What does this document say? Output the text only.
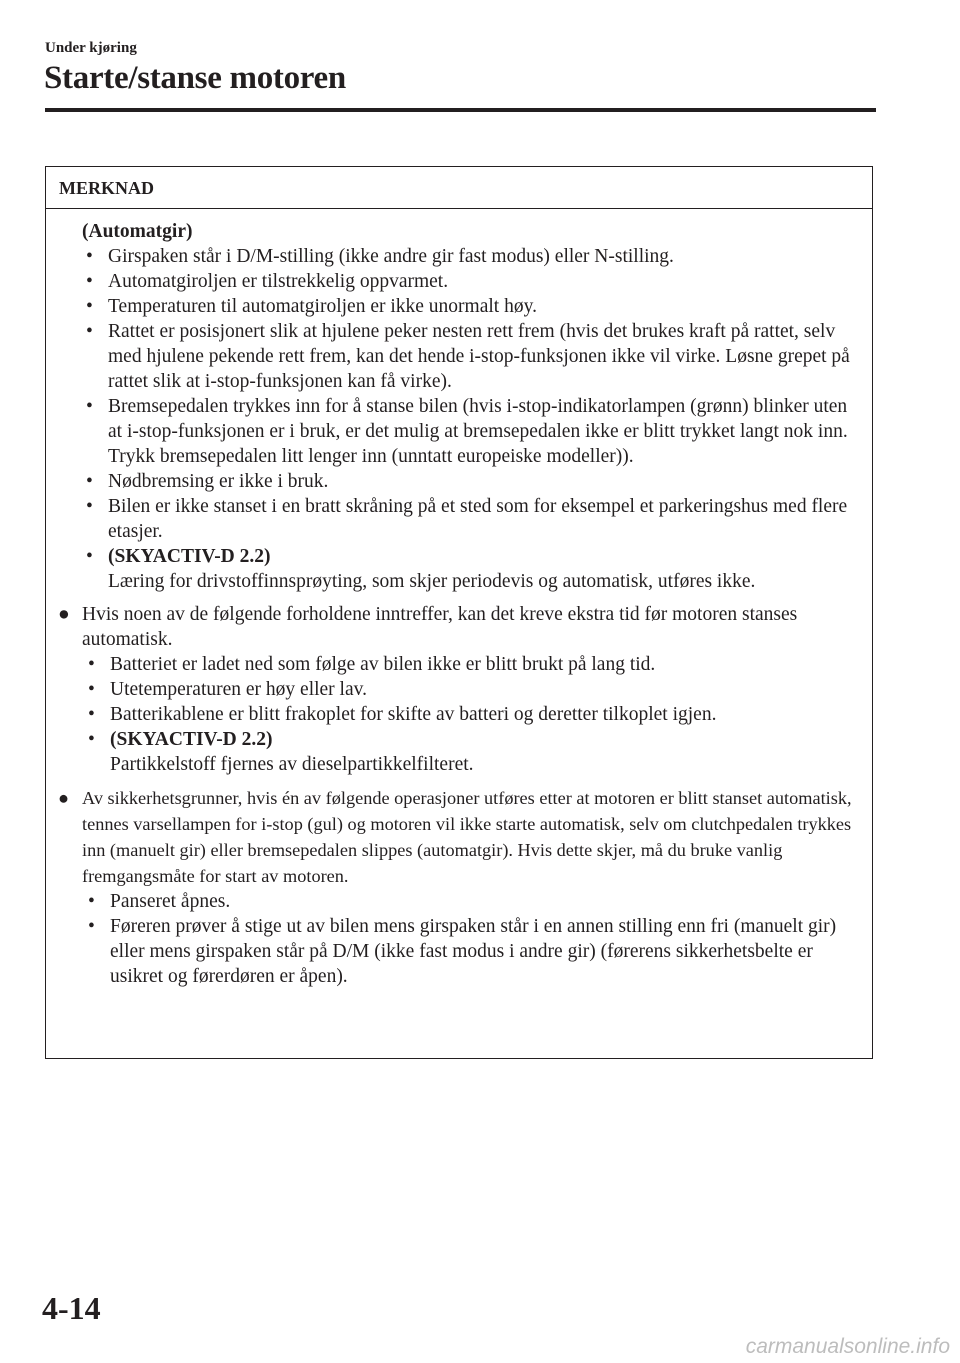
Under kjøring
Starte/stanse motoren
MERKNAD
(Automatgir)
• Girspaken står i D/M-stilling (ikke andre gir fast modus) eller N-stilling.
• Automatgiroljen er tilstrekkelig oppvarmet.
• Temperaturen til automatgiroljen er ikke unormalt høy.
• Rattet er posisjonert slik at hjulene peker nesten rett frem (hvis det brukes kraft på rattet, selv med hjulene pekende rett frem, kan det hende i-stop-funksjonen ikke vil virke. Løsne grepet på rattet slik at i-stop-funksjonen kan få virke).
• Bremsepedalen trykkes inn for å stanse bilen (hvis i-stop-indikatorlampen (grønn) blinker uten at i-stop-funksjonen er i bruk, er det mulig at bremsepedalen ikke er blitt trykket langt nok inn. Trykk bremsepedalen litt lenger inn (unntatt europeiske modeller)).
• Nødbremsing er ikke i bruk.
• Bilen er ikke stanset i en bratt skråning på et sted som for eksempel et parkeringshus med flere etasjer.
• (SKYACTIV-D 2.2)
Læring for drivstoffinnsprøyting, som skjer periodevis og automatisk, utføres ikke.
● Hvis noen av de følgende forholdene inntreffer, kan det kreve ekstra tid før motoren stanses automatisk.
• Batteriet er ladet ned som følge av bilen ikke er blitt brukt på lang tid.
• Utetemperaturen er høy eller lav.
• Batterikablene er blitt frakoplet for skifte av batteri og deretter tilkoplet igjen.
• (SKYACTIV-D 2.2)
Partikkelstoff fjernes av dieselpartikkelfilteret.
● Av sikkerhetsgrunner, hvis én av følgende operasjoner utføres etter at motoren er blitt stanset automatisk, tennes varsellampen for i-stop (gul) og motoren vil ikke starte automatisk, selv om clutchpedalen trykkes inn (manuelt gir) eller bremsepedalen slippes (automatgir). Hvis dette skjer, må du bruke vanlig fremgangsmåte for start av motoren.
• Panseret åpnes.
• Føreren prøver å stige ut av bilen mens girspaken står i en annen stilling enn fri (manuelt gir) eller mens girspaken står på D/M (ikke fast modus i andre gir) (førerens sikkerhetsbelte er usikret og førerdøren er åpen).
4-14
carmanualsonline.info
